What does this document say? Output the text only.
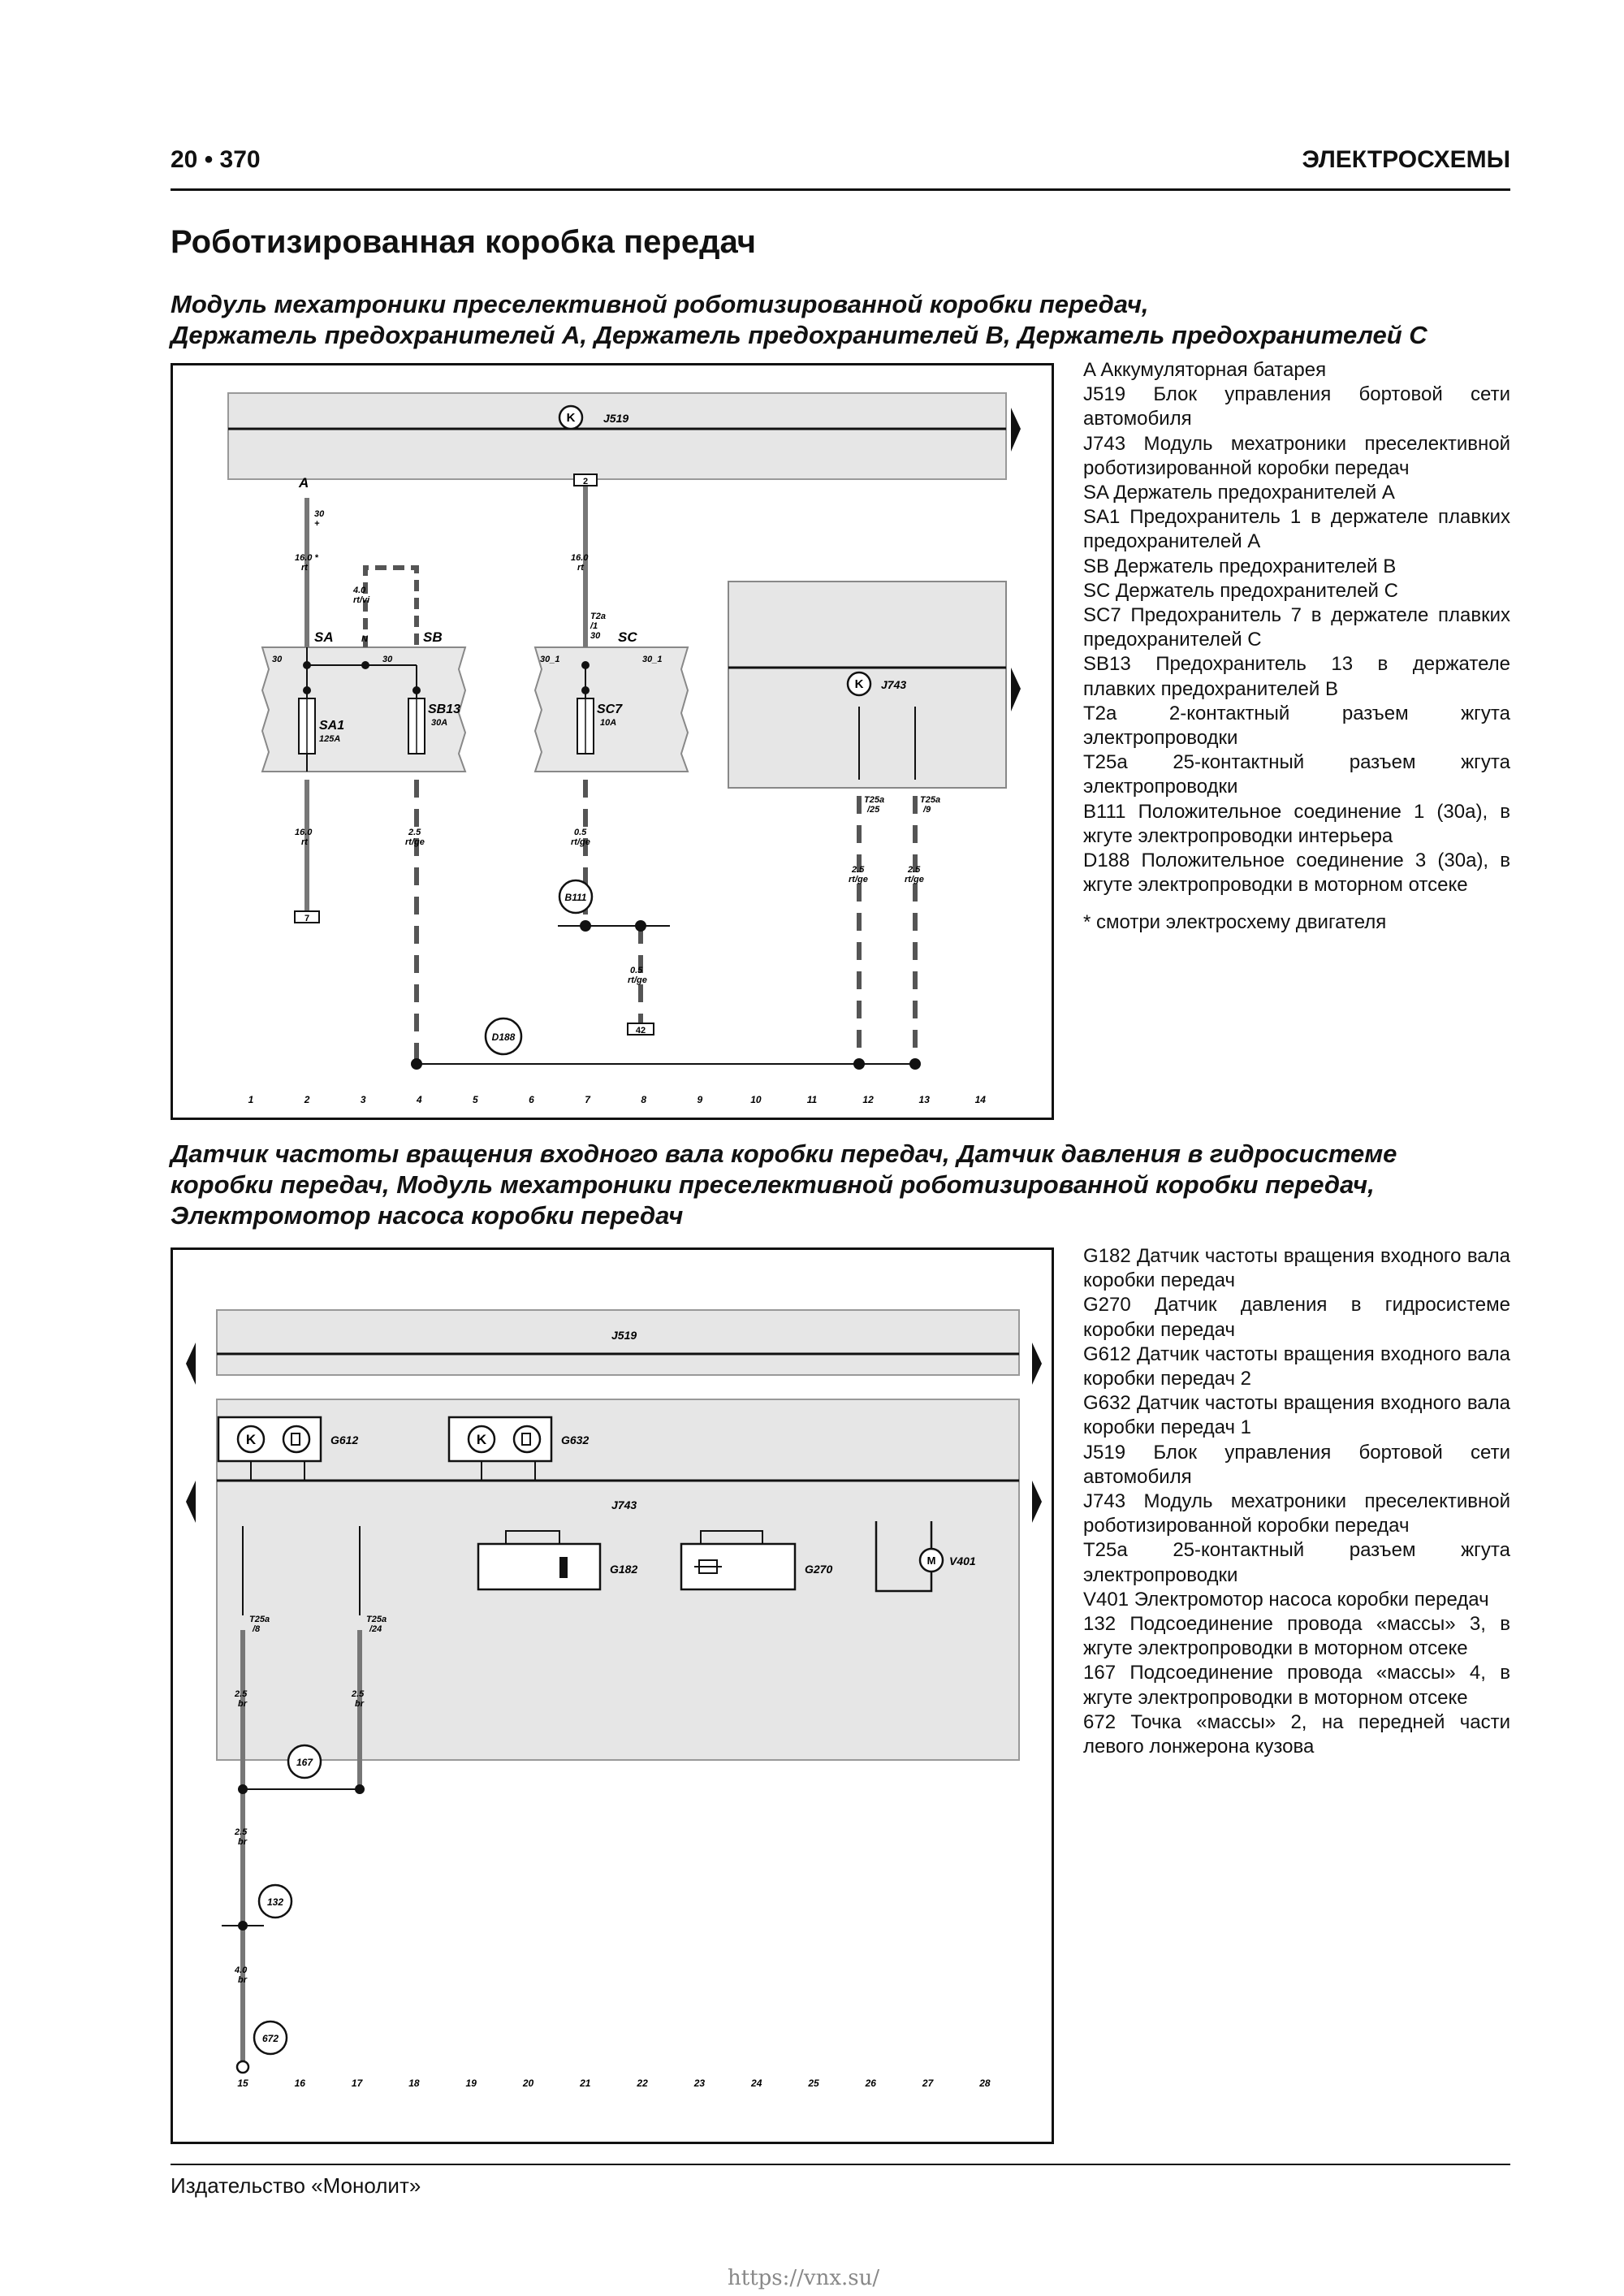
20 • 370	ЭЛЕКТРОСХЕМЫ
Роботизированная коробка передач
Модуль мехатроники преселективной роботизированной коробки передач,
Держатель предохранителей A, Держатель предохранителей B, Держатель предохранителей C
K J519
K J743
A	2
30
+
16.0 *
rt
4.0
rt/vi
16.0
rt
SA	N	SB
T2a
/1
30 SC
30	30	30_1	30_1
SA1
125A
SB13
30A
SC7
10A
16.0
rt
2.5
rt/ge
0.5
rt/ge
T25a
/25
T25a
/9
2.5
rt/ge
2.5
rt/ge
0.5
rt/ge
B111
D188
7
42
1	2	3	4	5	6	7	8	9	10	11	12	13	14
A Аккумуляторная батарея
J519 Блок управления бортовой сети автомобиля
J743 Модуль мехатроники преселективной роботизированной коробки передач
SA Держатель предохранителей A
SA1 Предохранитель 1 в держателе плавких предохранителей A
SB Держатель предохранителей B
SC Держатель предохранителей C
SC7 Предохранитель 7 в держателе плавких предохранителей C
SB13 Предохранитель 13 в держателе плавких предохранителей B
T2a 2-контактный разъем жгута электропроводки
T25a 25-контактный разъем жгута электропроводки
B111 Положительное соединение 1 (30a), в жгуте электропроводки интерьера
D188 Положительное соединение 3 (30a), в жгуте электропроводки в моторном отсеке
* смотри электросхему двигателя
Датчик частоты вращения входного вала коробки передач, Датчик давления в гидросистеме
коробки передач, Модуль мехатроники преселективной роботизированной коробки передач,
Электромотор насоса коробки передач
J519
J743
K	K
G612	G632
G182	G270
M V401
T25a
/8
T25a
/24
2.5
br
2.5
br
2.5
br
4.0
br
167
132
672
15	16	17	18	19	20	21	22	23	24	25	26	27	28
G182 Датчик частоты вращения входного вала коробки передач
G270 Датчик давления в гидросистеме коробки передач
G612 Датчик частоты вращения входного вала коробки передач 2
G632 Датчик частоты вращения входного вала коробки передач 1
J519 Блок управления бортовой сети автомобиля
J743 Модуль мехатроники преселективной роботизированной коробки передач
T25a 25-контактный разъем жгута электропроводки
V401 Электромотор насоса коробки передач
132 Подсоединение провода «массы» 3, в жгуте электропроводки в моторном отсеке
167 Подсоединение провода «массы» 4, в жгуте электропроводки в моторном отсеке
672 Точка «массы» 2, на передней части левого лонжерона кузова
Издательство «Монолит»
https://vnx.su/
